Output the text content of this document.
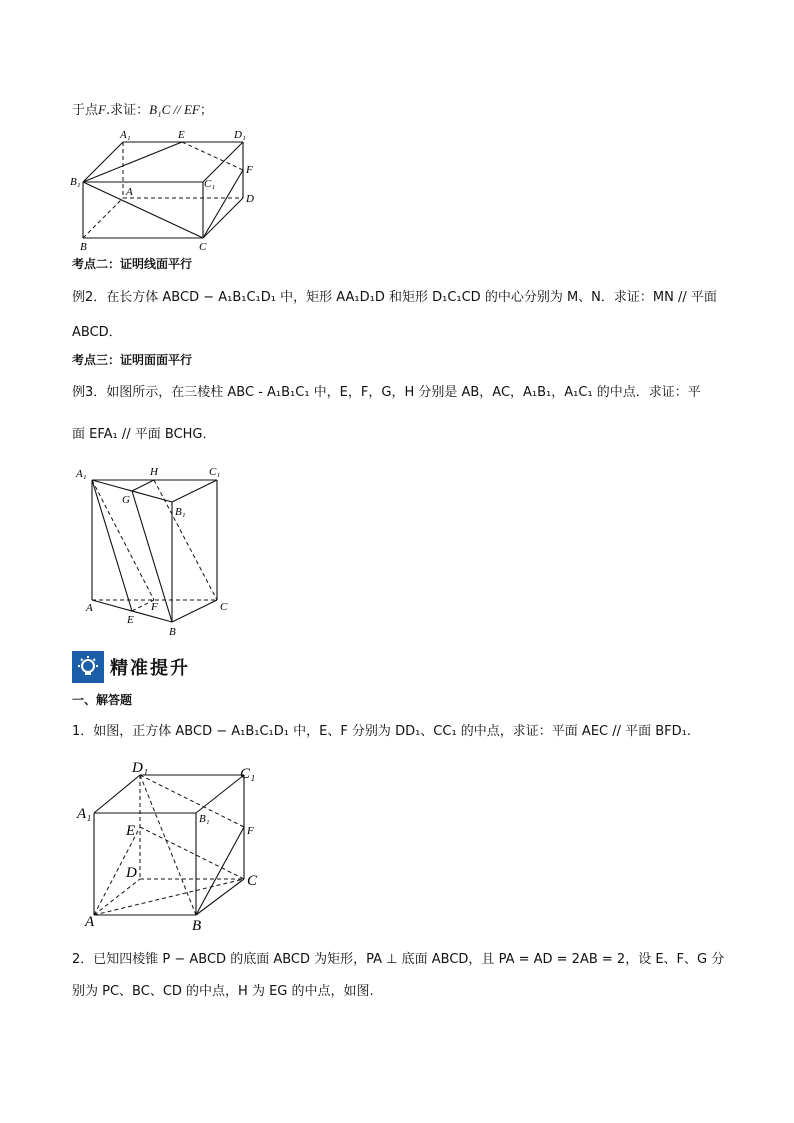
于点F.求证：B₁C // EF；
A₁	E	D₁
F
B₁	C₁
A
D
B	C
考点二：证明线面平行
例2．在长方体 ABCD − A₁B₁C₁D₁ 中，矩形 AA₁D₁D 和矩形 D₁C₁CD 的中心分别为 M、N．求证：MN // 平面
ABCD．
考点三：证明面面平行
例3．如图所示，在三棱柱 ABC - A₁B₁C₁ 中，E，F，G，H 分别是 AB，AC，A₁B₁，A₁C₁ 的中点．求证：平
面 EFA₁ // 平面 BCHG．
A₁	H	C₁
G
B₁
A	F	C
E
B
精准提升
一、解答题
1．如图，正方体 ABCD − A₁B₁C₁D₁ 中，E、F 分别为 DD₁、CC₁ 的中点，求证：平面 AEC // 平面 BFD₁.
D₁	C₁
A₁	B₁
E	F
D	C
A	B
2．已知四棱锥 P − ABCD 的底面 ABCD 为矩形，PA ⊥ 底面 ABCD，且 PA = AD = 2AB = 2，设 E、F、G 分
别为 PC、BC、CD 的中点，H 为 EG 的中点，如图.
